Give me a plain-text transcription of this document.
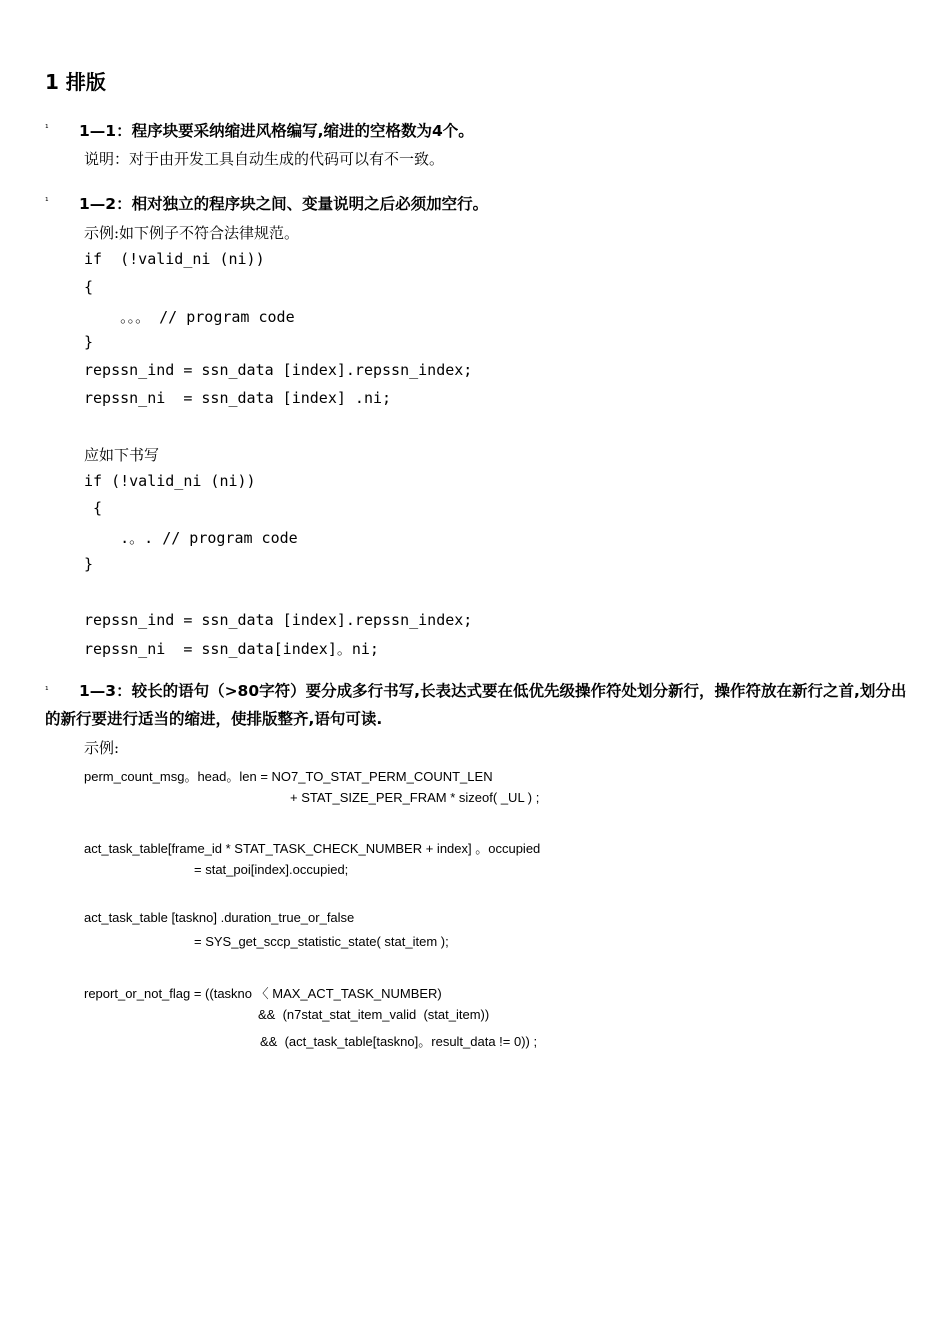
1 排版
¹ 1—1：程序块要采纳缩进风格编写,缩进的空格数为4个。
说明：对于由开发工具自动生成的代码可以有不一致。
¹ 1—2：相对独立的程序块之间、变量说明之后必须加空行。
示例:如下例子不符合法律规范。
if  (!valid_ni (ni))
{
。。。 // program code
}
repssn_ind = ssn_data [index].repssn_index;
repssn_ni  = ssn_data [index] .ni;
应如下书写
if (!valid_ni (ni))
{
.。. // program code
}
repssn_ind = ssn_data [index].repssn_index;
repssn_ni  = ssn_data[index]。ni;
¹	1—3：较长的语句（>80字符）要分成多行书写,长表达式要在低优先级操作符处划分新行，操作符放在新行之首,划分出的新行要进行适当的缩进，使排版整齐,语句可读.
示例:
perm_count_msg。head。len = NO7_TO_STAT_PERM_COUNT_LEN
+ STAT_SIZE_PER_FRAM * sizeof( _UL ) ;
act_task_table[frame_id * STAT_TASK_CHECK_NUMBER + index] 。occupied
= stat_poi[index].occupied;
act_task_table [taskno] .duration_true_or_false
= SYS_get_sccp_statistic_state( stat_item );
report_or_not_flag = ((taskno 〈 MAX_ACT_TASK_NUMBER)
&&  (n7stat_stat_item_valid  (stat_item))
&&  (act_task_table[taskno]。result_data != 0)) ;
